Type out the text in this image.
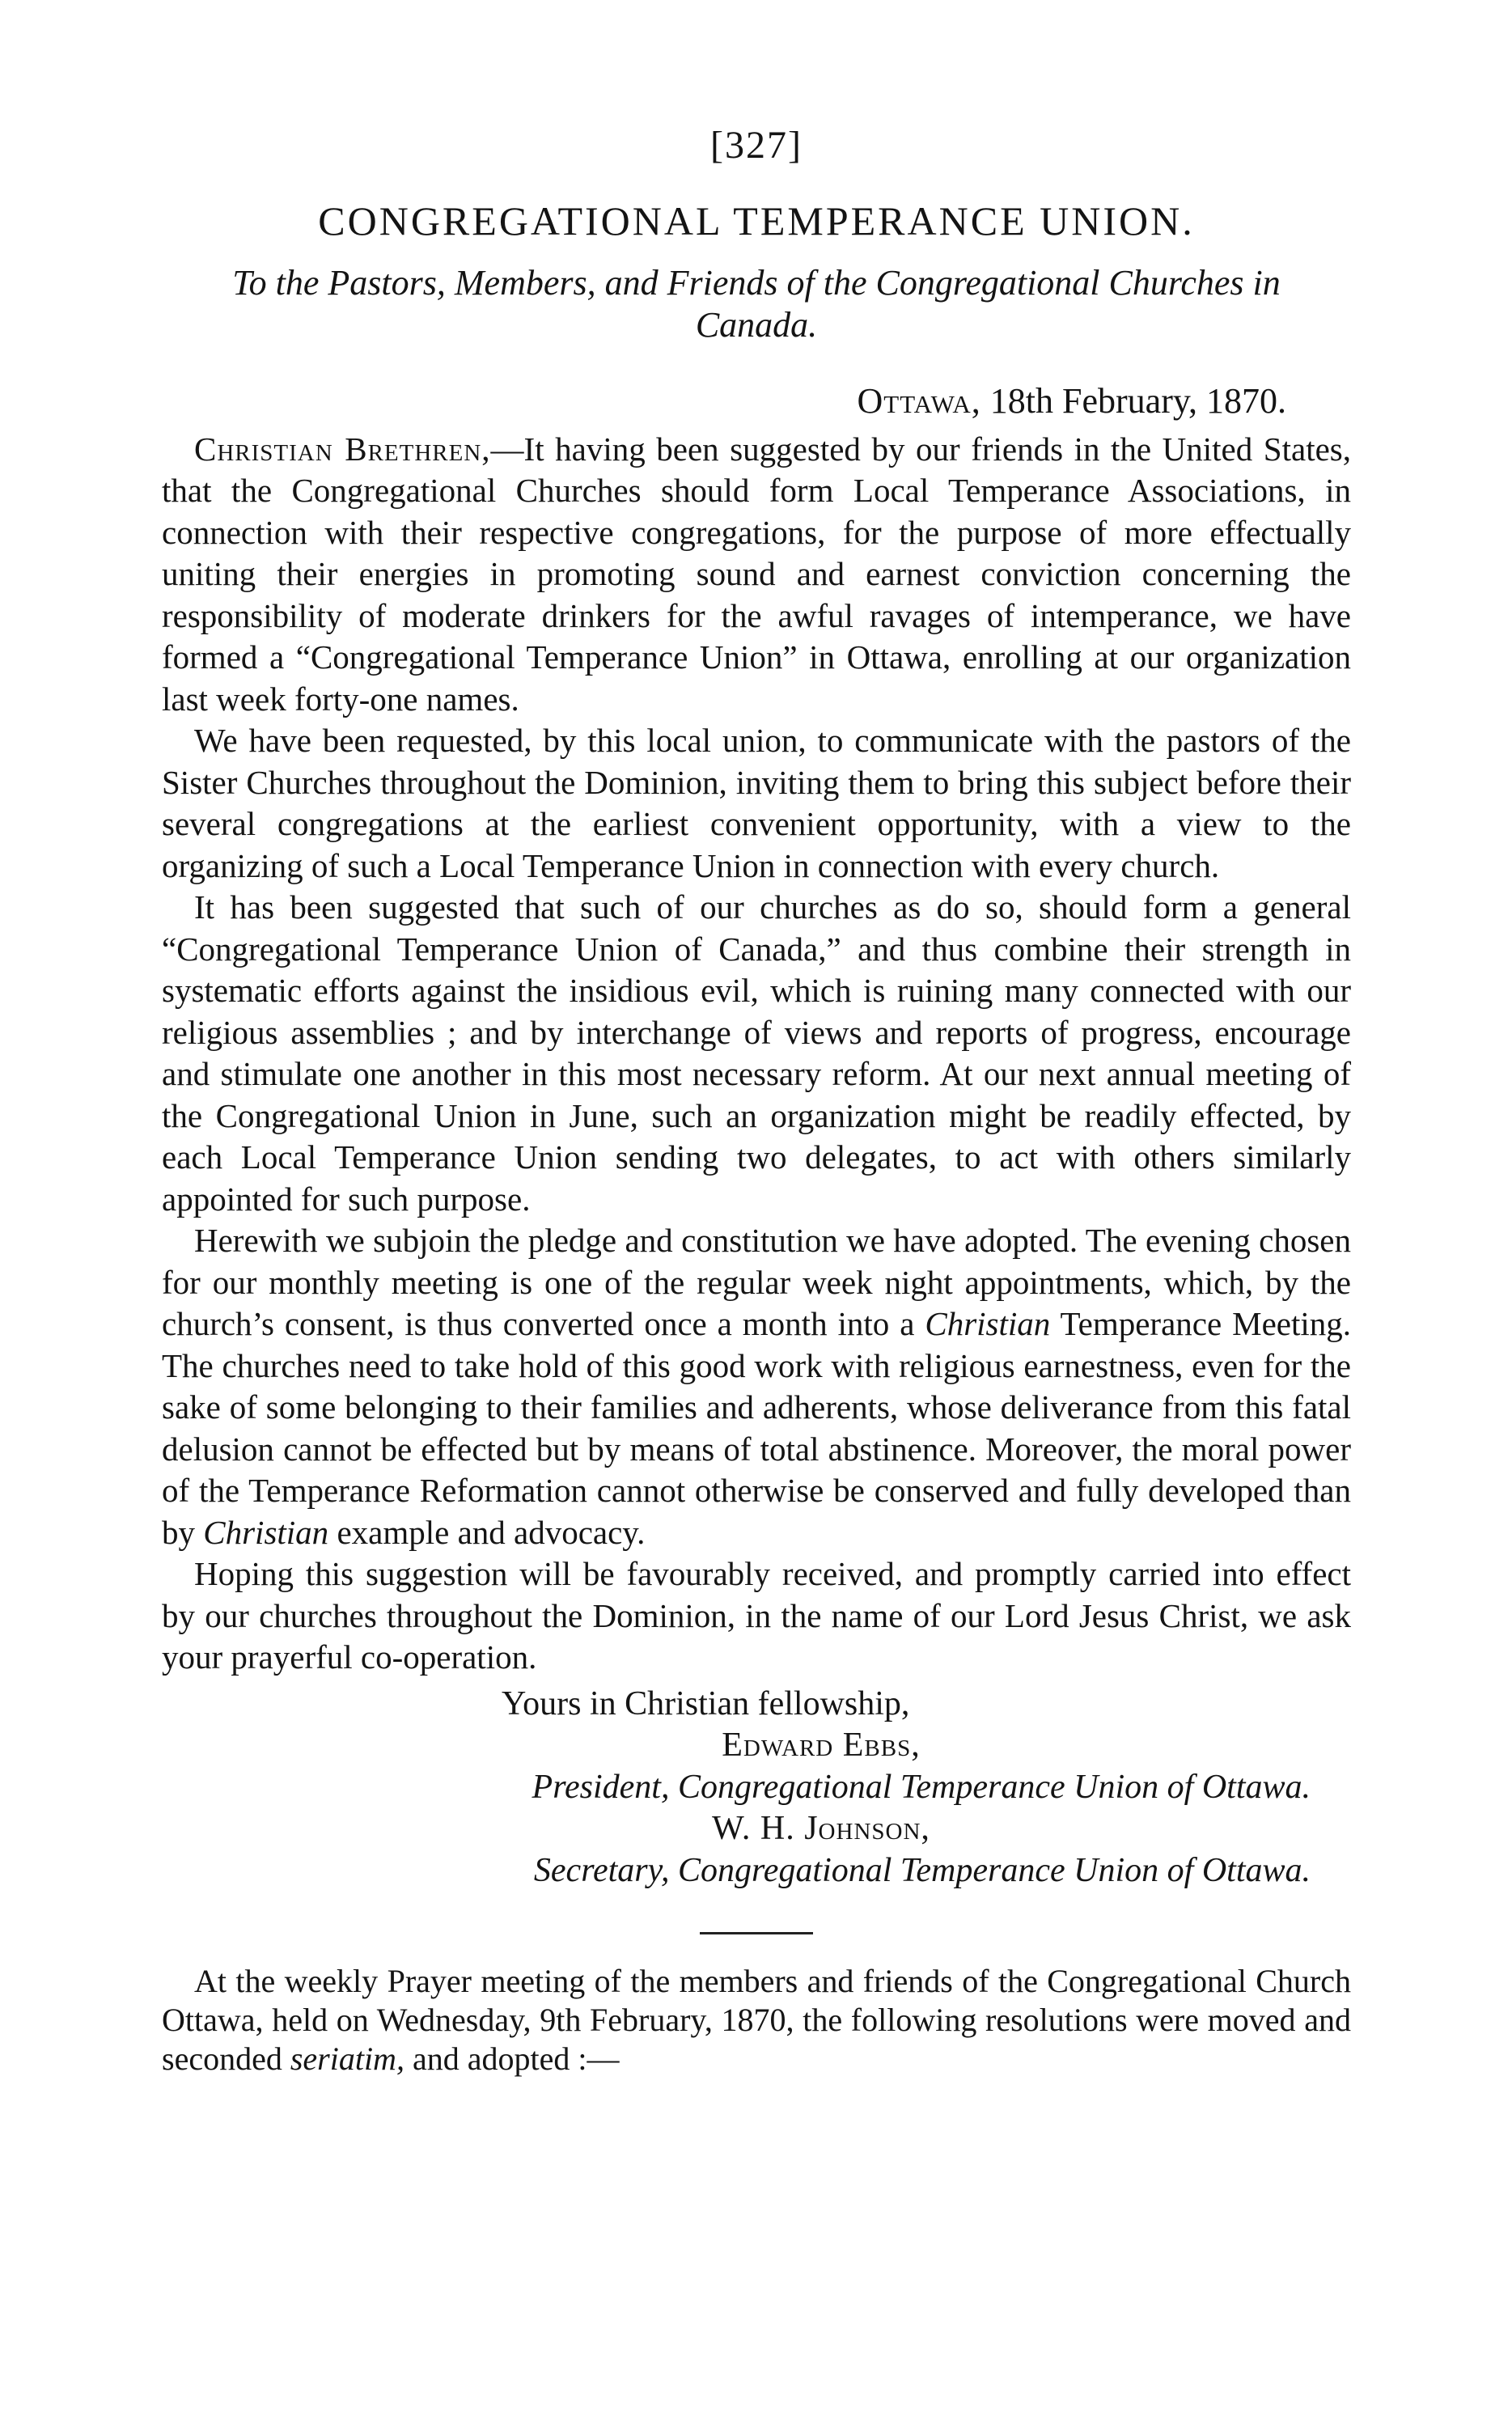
[327]
CONGREGATIONAL TEMPERANCE UNION.
To the Pastors, Members, and Friends of the Congregational Churches in Canada.
Ottawa, 18th February, 1870.

Christian Brethren,—It having been suggested by our friends in the United States, that the Congregational Churches should form Local Temperance Associations, in connection with their respective congregations, for the purpose of more effectually uniting their energies in promoting sound and earnest conviction concerning the responsibility of moderate drinkers for the awful ravages of intemperance, we have formed a “Congregational Temperance Union” in Ottawa, enrolling at our organization last week forty-one names.

We have been requested, by this local union, to communicate with the pastors of the Sister Churches throughout the Dominion, inviting them to bring this subject before their several congregations at the earliest convenient opportunity, with a view to the organizing of such a Local Temperance Union in connection with every church.

It has been suggested that such of our churches as do so, should form a general “Congregational Temperance Union of Canada,” and thus combine their strength in systematic efforts against the insidious evil, which is ruining many connected with our religious assemblies ; and by interchange of views and reports of progress, encourage and stimulate one another in this most necessary reform. At our next annual meeting of the Congregational Union in June, such an organization might be readily effected, by each Local Temperance Union sending two delegates, to act with others similarly appointed for such purpose.

Herewith we subjoin the pledge and constitution we have adopted. The evening chosen for our monthly meeting is one of the regular week night appointments, which, by the church’s consent, is thus converted once a month into a Christian Temperance Meeting. The churches need to take hold of this good work with religious earnestness, even for the sake of some belonging to their families and adherents, whose deliverance from this fatal delusion cannot be effected but by means of total abstinence. Moreover, the moral power of the Temperance Reformation cannot otherwise be conserved and fully developed than by Christian example and advocacy.

Hoping this suggestion will be favourably received, and promptly carried into effect by our churches throughout the Dominion, in the name of our Lord Jesus Christ, we ask your prayerful co-operation.

Yours in Christian fellowship,
Edward Ebbs,
President, Congregational Temperance Union of Ottawa.
W. H. Johnson,
Secretary, Congregational Temperance Union of Ottawa.

At the weekly Prayer meeting of the members and friends of the Congregational Church Ottawa, held on Wednesday, 9th February, 1870, the following resolutions were moved and seconded seriatim, and adopted :—
